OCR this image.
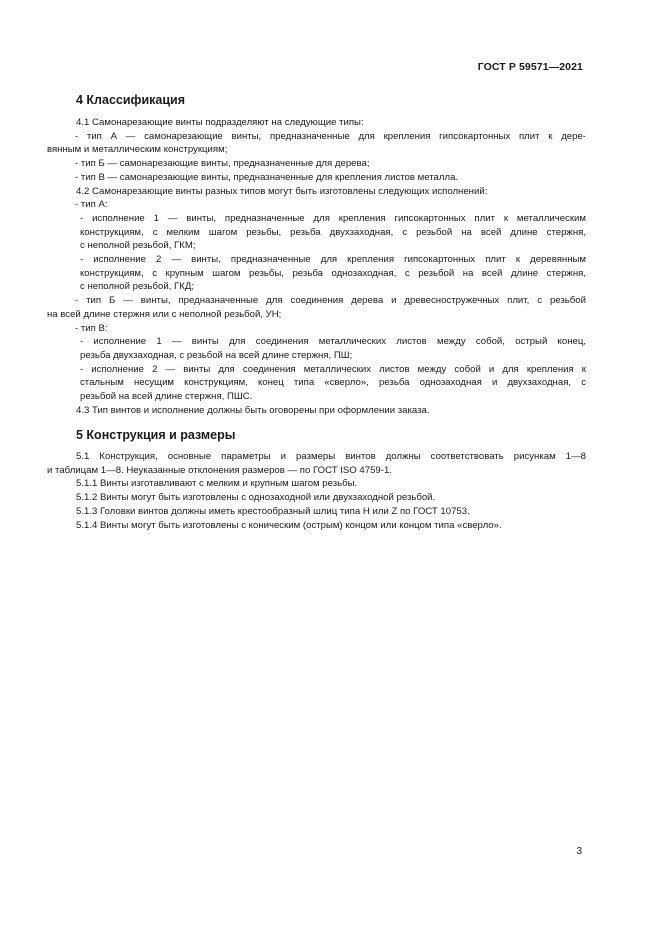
ГОСТ Р 59571—2021
4 Классификация
4.1 Самонарезающие винты подразделяют на следующие типы:
- тип А — самонарезающие винты, предназначенные для крепления гипсокартонных плит к дере-
вянным и металлическим конструкциям;
- тип Б — самонарезающие винты, предназначенные для дерева;
- тип В — самонарезающие винты, предназначенные для крепления листов металла.
4.2 Самонарезающие винты разных типов могут быть изготовлены следующих исполнений:
- тип А:
- исполнение 1 — винты, предназначенные для крепления гипсокартонных плит к металлическим
конструкциям, с мелким шагом резьбы, резьба двухзаходная, с резьбой на всей длине стержня,
с неполной резьбой, ГКМ;
- исполнение 2 — винты, предназначенные для крепления гипсокартонных плит к деревянным
конструкциям, с крупным шагом резьбы, резьба однозаходная, с резьбой на всей длине стержня,
с неполной резьбой, ГКД;
- тип Б — винты, предназначенные для соединения дерева и древесностружечных плит, с резьбой
на всей длине стержня или с неполной резьбой, УН;
- тип В:
- исполнение 1 — винты для соединения металлических листов между собой, острый конец,
резьба двухзаходная, с резьбой на всей длине стержня, ПШ;
- исполнение 2 — винты для соединения металлических листов между собой и для крепления к
стальным несущим конструкциям, конец типа «сверло», резьба однозаходная и двухзаходная, с
резьбой на всей длине стержня, ПШС.
4.3 Тип винтов и исполнение должны быть оговорены при оформлении заказа.
5 Конструкция и размеры
5.1 Конструкция, основные параметры и размеры винтов должны соответствовать рисункам 1—8
и таблицам 1—8. Неуказанные отклонения размеров — по ГОСТ ISO 4759-1.
5.1.1 Винты изготавливают с мелким и крупным шагом резьбы.
5.1.2 Винты могут быть изготовлены с однозаходной или двухзаходной резьбой.
5.1.3 Головки винтов должны иметь крестообразный шлиц типа H или Z по ГОСТ 10753.
5.1.4 Винты могут быть изготовлены с коническим (острым) концом или концом типа «сверло».
3
